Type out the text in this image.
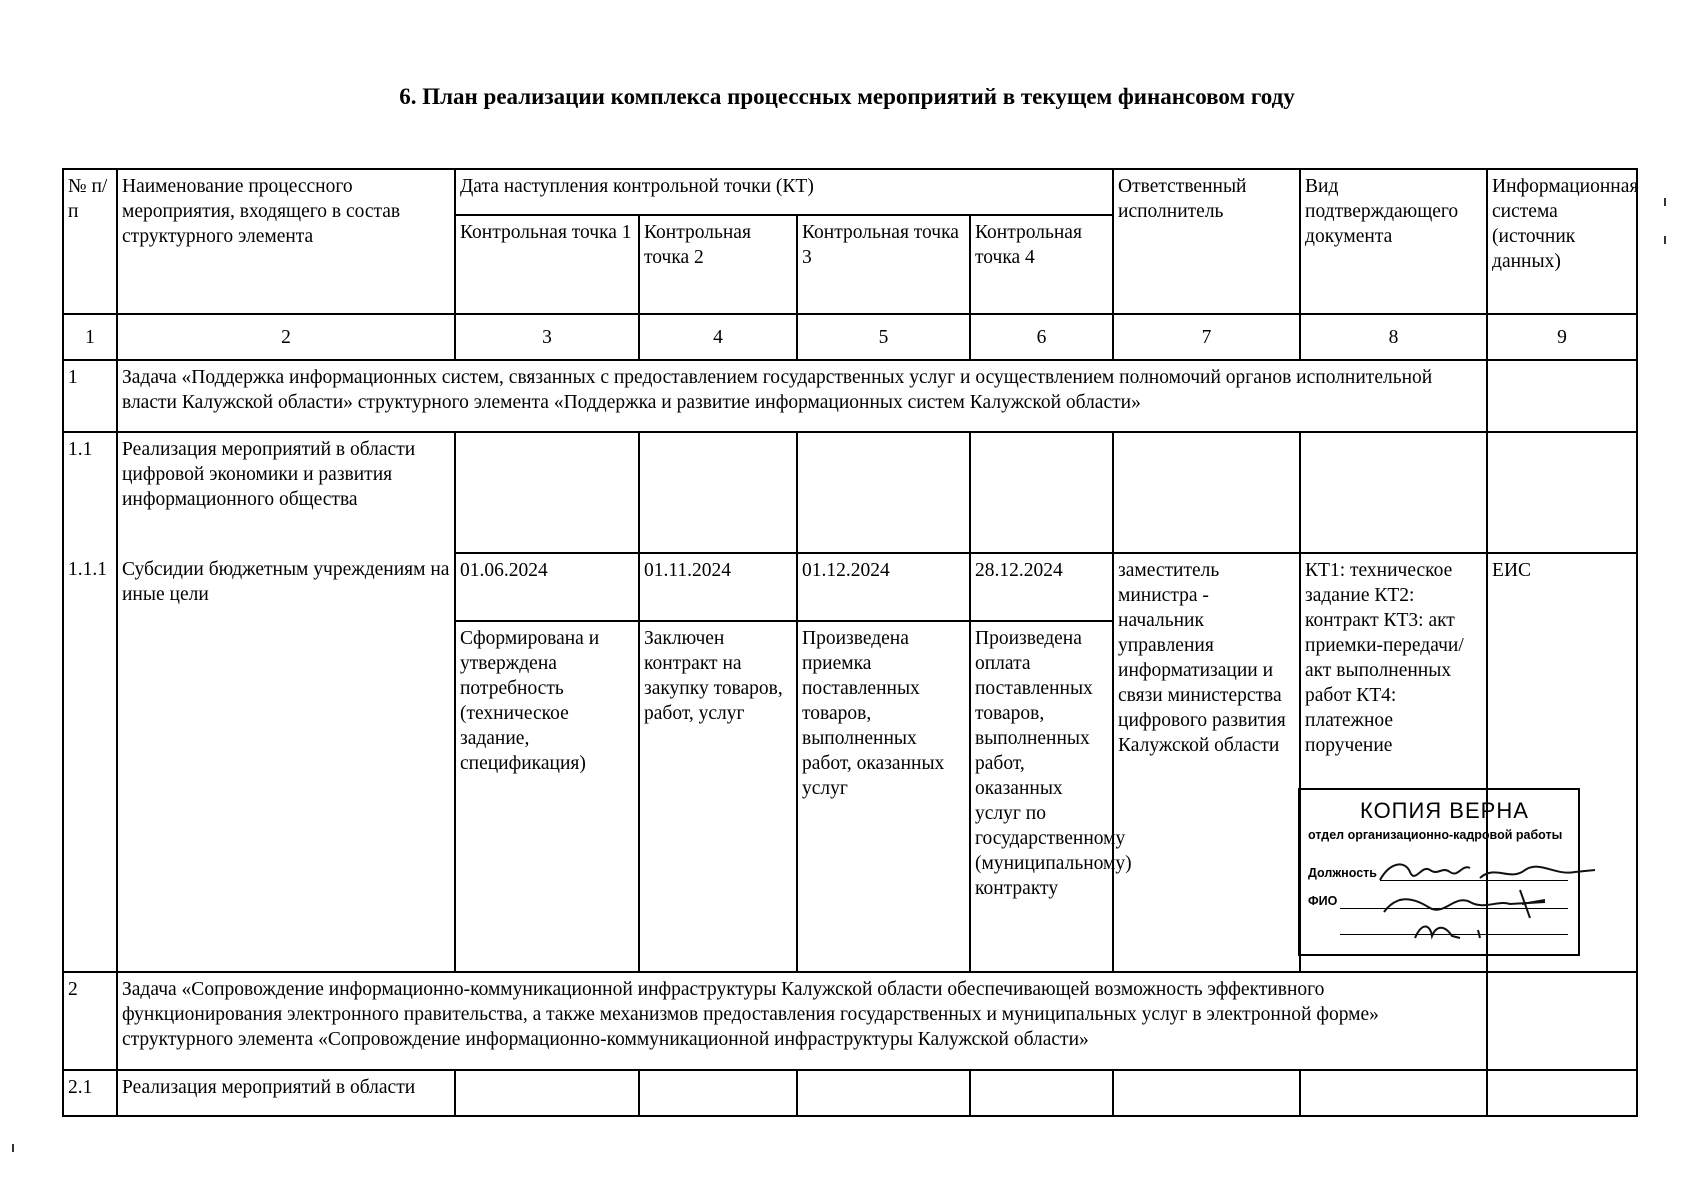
6. План реализации комплекса процессных мероприятий в текущем финансовом году
№ п/п	Наименование процессного мероприятия, входящего в состав структурного элемента	Дата наступления контрольной точки (КТ)				Ответственный исполнитель	Вид подтверждающего документа	Информационная система (источник данных)
		Контрольная точка 1	Контрольная точка 2	Контрольная точка 3	Контрольная точка 4			
1	2	3	4	5	6	7	8	9
1	Задача «Поддержка информационных систем, связанных с предоставлением государственных услуг и осуществлением полномочий органов исполнительной власти Калужской области» структурного элемента «Поддержка и развитие информационных систем Калужской области»							
1.1	Реализация мероприятий в области цифровой экономики и развития информационного общества							
1.1.1	Субсидии бюджетным учреждениям на иные цели	01.06.2024	01.11.2024	01.12.2024	28.12.2024	заместитель министра - начальник управления информатизации и связи министерства цифрового развития Калужской области	КТ1: техническое задание КТ2: контракт КТ3: акт приемки-передачи/ акт выполненных работ КТ4: платежное поручение	ЕИС
		Сформирована и утверждена потребность (техническое задание, спецификация)	Заключен контракт на закупку товаров, работ, услуг	Произведена приемка поставленных товаров, выполненных работ, оказанных услуг	Произведена оплата поставленных товаров, выполненных работ, оказанных услуг по государственному (муниципальному) контракту			
2	Задача «Сопровождение информационно-коммуникационной инфраструктуры Калужской области обеспечивающей возможность эффективного функционирования электронного правительства, а также механизмов предоставления государственных и муниципальных услуг в электронной форме» структурного элемента «Сопровождение информационно-коммуникационной инфраструктуры Калужской области»							
2.1	Реализация мероприятий в области							
КОПИЯ ВЕРНА
отдел организационно-кадровой работы
Должность
ФИО
